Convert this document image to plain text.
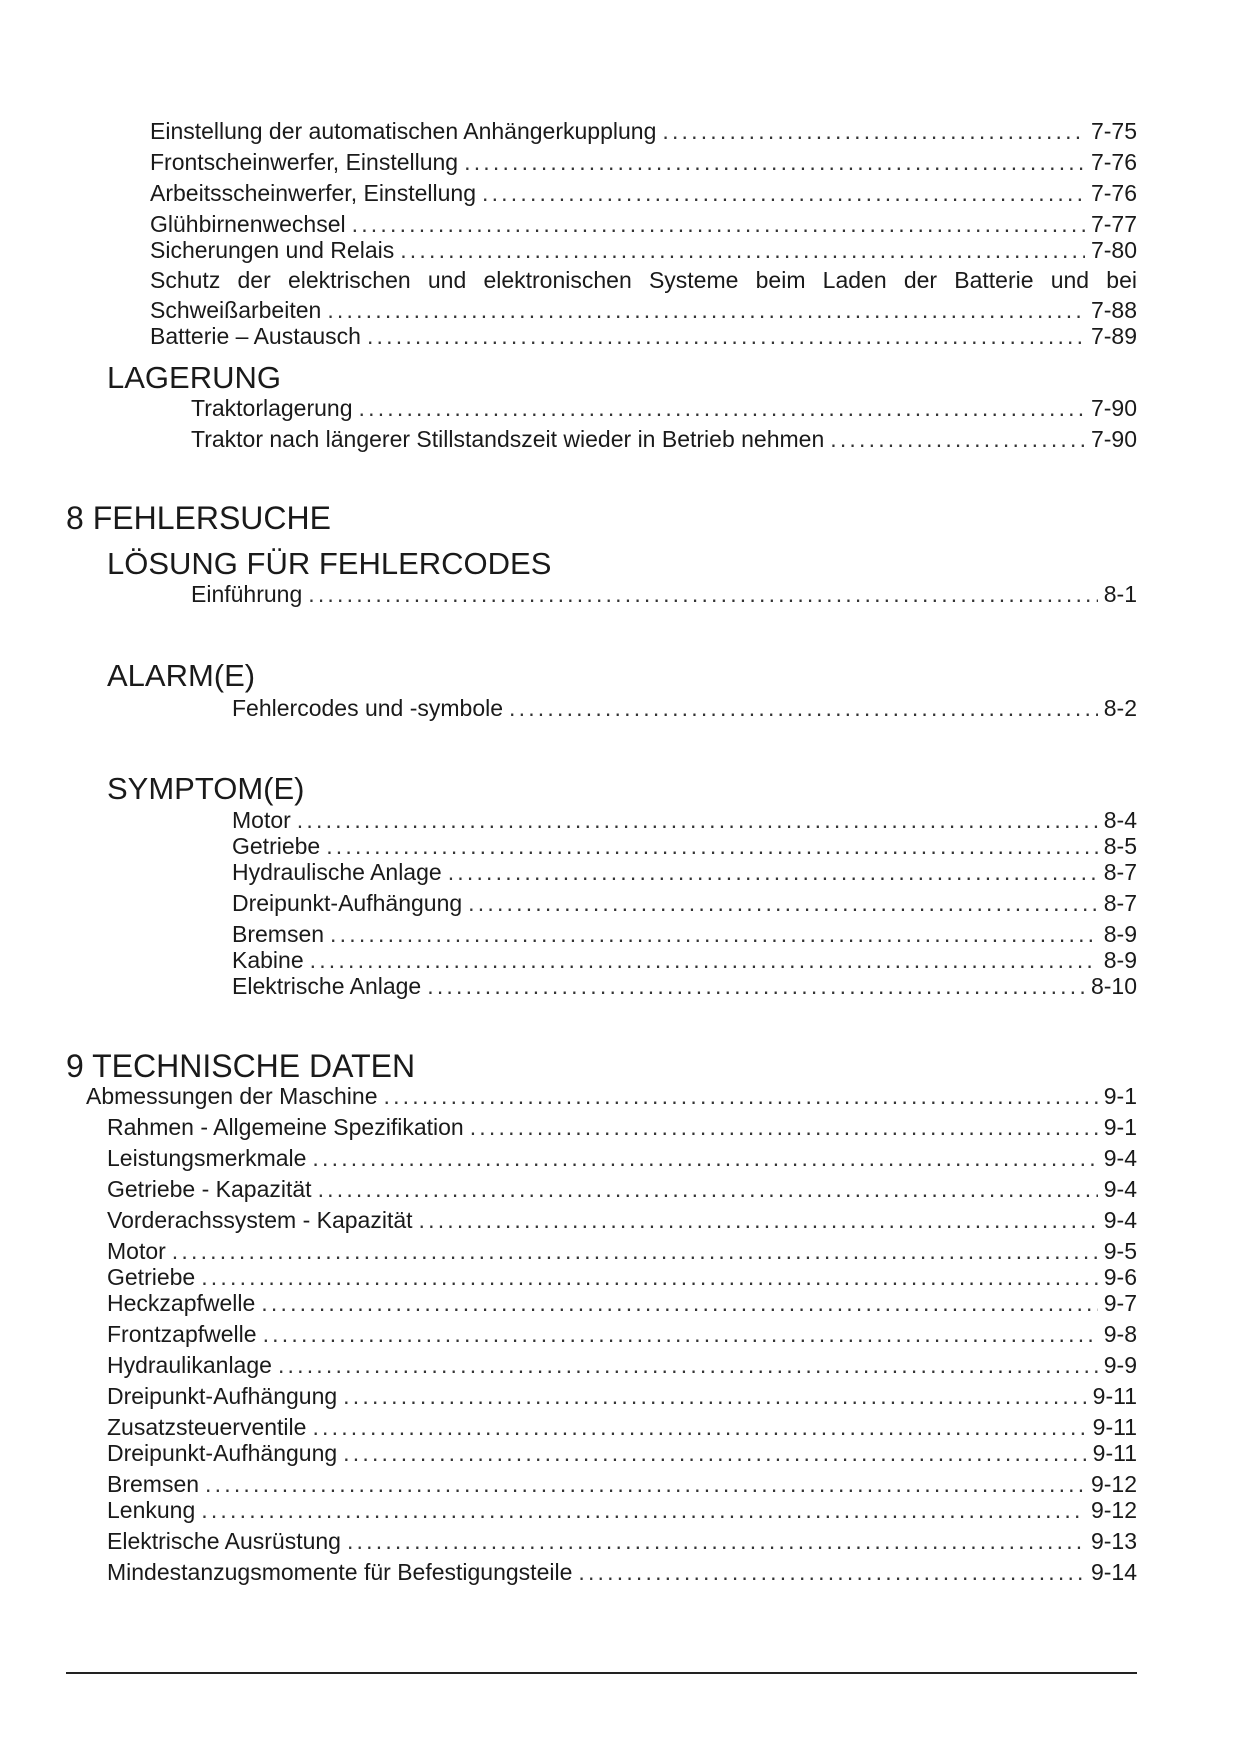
Einstellung der automatischen Anhängerkupplung .....	7-75
Frontscheinwerfer, Einstellung .....	7-76
Arbeitsscheinwerfer, Einstellung .....	7-76
Glühbirnenwechsel .....	7-77
Sicherungen und Relais .....	7-80
Schutz der elektrischen und elektronischen Systeme beim Laden der Batterie und bei
Schweißarbeiten .....	7-88
Batterie – Austausch .....	7-89
LAGERUNG
Traktorlagerung .....	7-90
Traktor nach längerer Stillstandszeit wieder in Betrieb nehmen .....	7-90
8 FEHLERSUCHE
LÖSUNG FÜR FEHLERCODES
Einführung .....	8-1
ALARM(E)
Fehlercodes und -symbole .....	8-2
SYMPTOM(E)
Motor .....	8-4
Getriebe .....	8-5
Hydraulische Anlage .....	8-7
Dreipunkt-Aufhängung .....	8-7
Bremsen .....	8-9
Kabine .....	8-9
Elektrische Anlage .....	8-10
9 TECHNISCHE DATEN
Abmessungen der Maschine .....	9-1
Rahmen - Allgemeine Spezifikation .....	9-1
Leistungsmerkmale .....	9-4
Getriebe - Kapazität .....	9-4
Vorderachssystem - Kapazität .....	9-4
Motor .....	9-5
Getriebe .....	9-6
Heckzapfwelle .....	9-7
Frontzapfwelle .....	9-8
Hydraulikanlage .....	9-9
Dreipunkt-Aufhängung .....	9-11
Zusatzsteuerventile .....	9-11
Dreipunkt-Aufhängung .....	9-11
Bremsen .....	9-12
Lenkung .....	9-12
Elektrische Ausrüstung .....	9-13
Mindestanzugsmomente für Befestigungsteile .....	9-14
